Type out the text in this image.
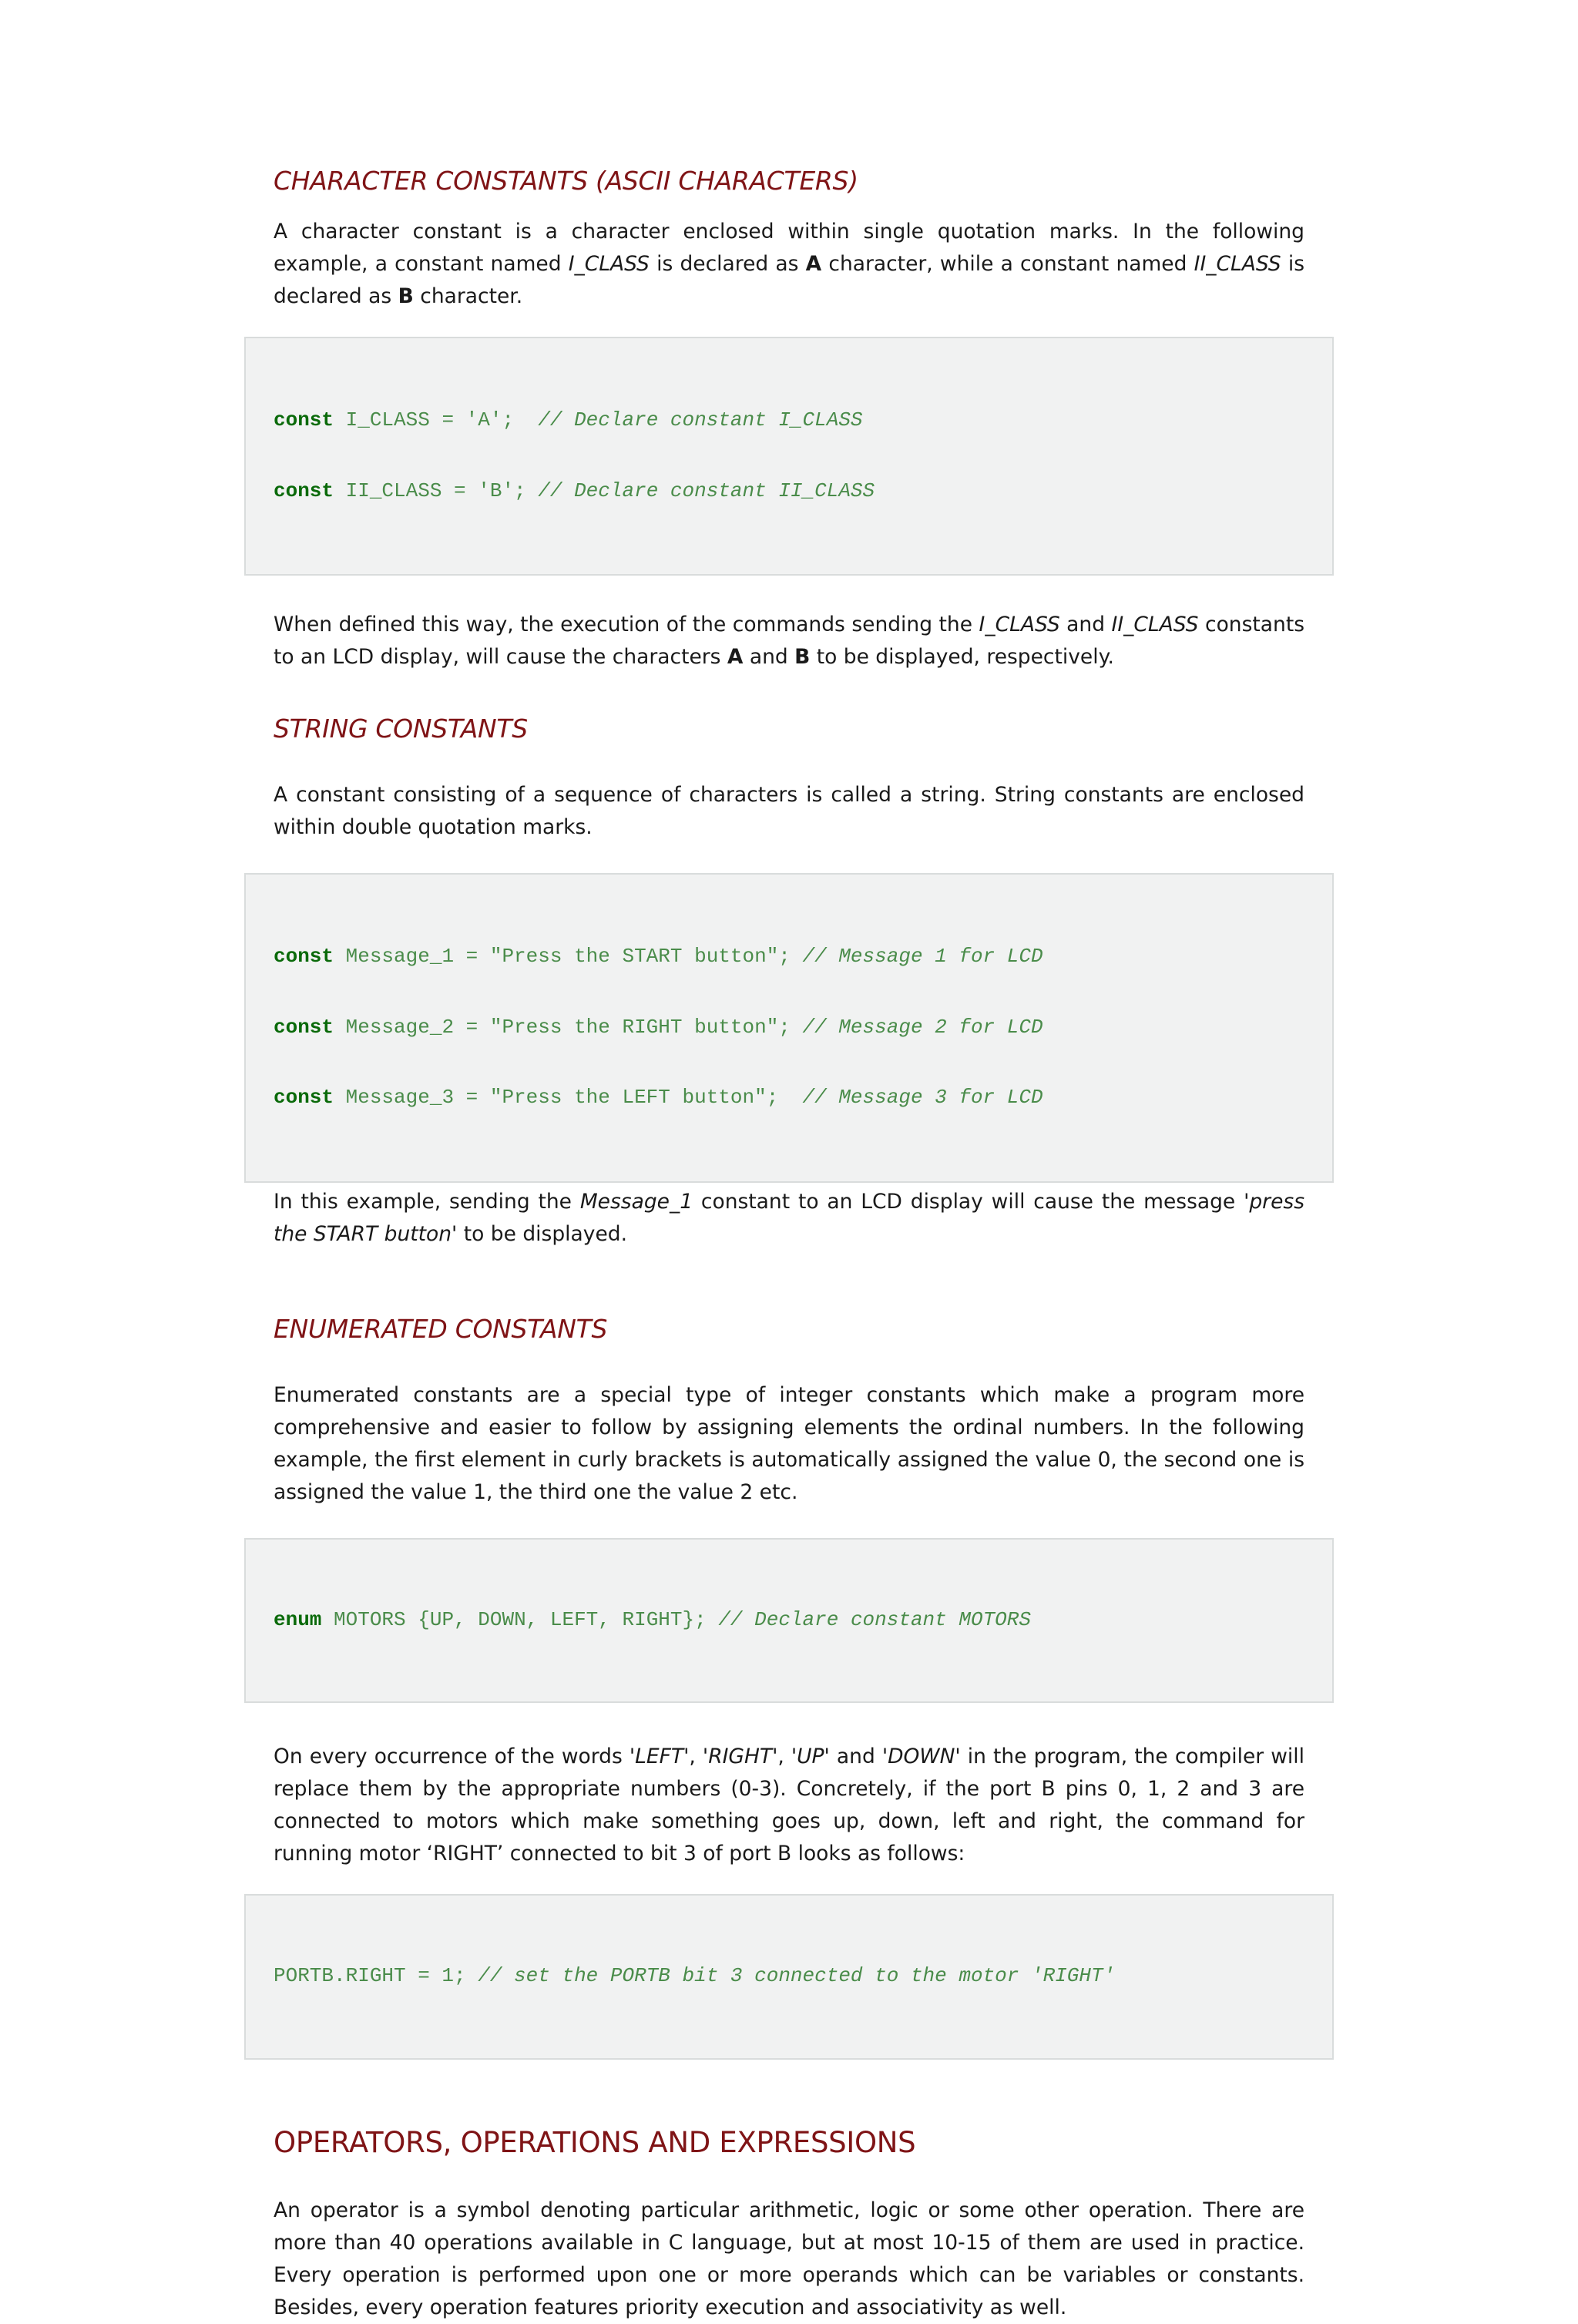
CHARACTER CONSTANTS (ASCII CHARACTERS)

A character constant is a character enclosed within single quotation marks. In the following example, a constant named I_CLASS is declared as A character, while a constant named II_CLASS is declared as B character.

const I_CLASS = 'A';  // Declare constant I_CLASS

const II_CLASS = 'B'; // Declare constant II_CLASS

When defined this way, the execution of the commands sending the I_CLASS and II_CLASS constants to an LCD display, will cause the characters A and B to be displayed, respectively.

STRING CONSTANTS

A constant consisting of a sequence of characters is called a string. String constants are enclosed within double quotation marks.

const Message_1 = "Press the START button"; // Message 1 for LCD

const Message_2 = "Press the RIGHT button"; // Message 2 for LCD

const Message_3 = "Press the LEFT button";  // Message 3 for LCD

In this example, sending the Message_1 constant to an LCD display will cause the message 'press the START button' to be displayed.

ENUMERATED CONSTANTS

Enumerated constants are a special type of integer constants which make a program more comprehensive and easier to follow by assigning elements the ordinal numbers. In the following example, the first element in curly brackets is automatically assigned the value 0, the second one is assigned the value 1, the third one the value 2 etc.

enum MOTORS {UP, DOWN, LEFT, RIGHT}; // Declare constant MOTORS

On every occurrence of the words 'LEFT', 'RIGHT', 'UP' and 'DOWN' in the program, the compiler will replace them by the appropriate numbers (0-3). Concretely, if the port B pins 0, 1, 2 and 3 are connected to motors which make something goes up, down, left and right, the command for running motor ‘RIGHT’ connected to bit 3 of port B looks as follows:

PORTB.RIGHT = 1; // set the PORTB bit 3 connected to the motor 'RIGHT'

OPERATORS, OPERATIONS AND EXPRESSIONS

An operator is a symbol denoting particular arithmetic, logic or some other operation. There are more than 40 operations available in C language, but at most 10-15 of them are used in practice. Every operation is performed upon one or more operands which can be variables or constants. Besides, every operation features priority execution and associativity as well.
